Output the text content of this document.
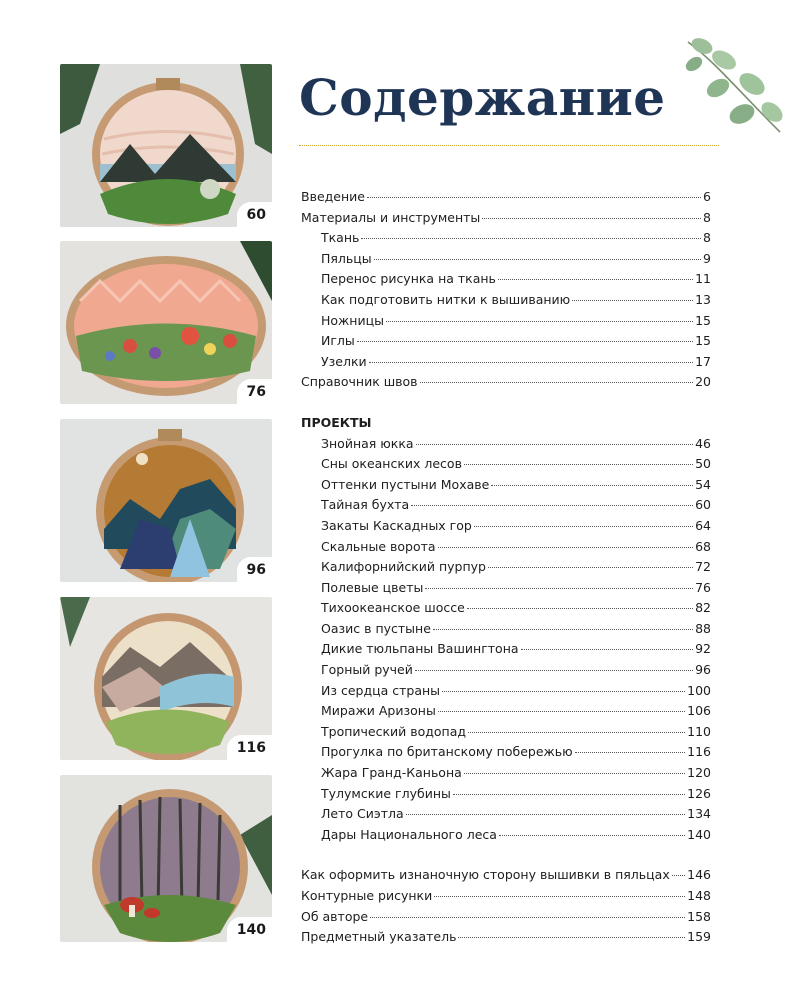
60
76
96
116
140
Содержание
Введение	6
Материалы и инструменты	8
Ткань	8
Пяльцы	9
Перенос рисунка на ткань	11
Как подготовить нитки к вышиванию	13
Ножницы	15
Иглы	15
Узелки	17
Справочник швов	20
ПРОЕКТЫ
Знойная юкка	46
Сны океанских лесов	50
Оттенки пустыни Мохаве	54
Тайная бухта	60
Закаты Каскадных гор	64
Скальные ворота	68
Калифорнийский пурпур	72
Полевые цветы	76
Тихоокеанское шоссе	82
Оазис в пустыне	88
Дикие тюльпаны Вашингтона	92
Горный ручей	96
Из сердца страны	100
Миражи Аризоны	106
Тропический водопад	110
Прогулка по британскому побережью	116
Жара Гранд-Каньона	120
Тулумские глубины	126
Лето Сиэтла	134
Дары Национального леса	140
Как оформить изнаночную сторону вышивки в пяльцах 146
Контурные рисунки	148
Об авторе	158
Предметный указатель	159
